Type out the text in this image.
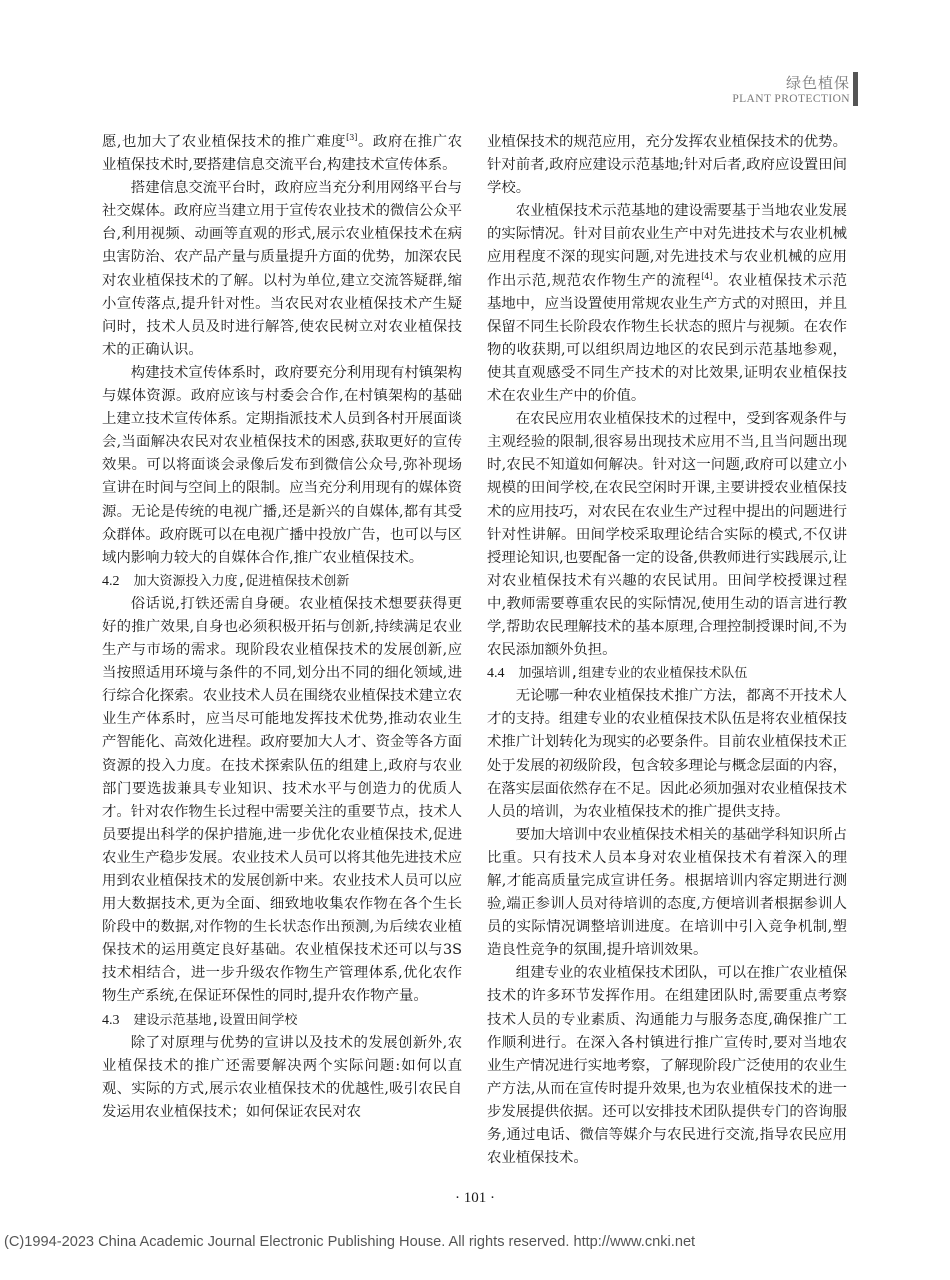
绿色植保
PLANT PROTECTION

愿,也加大了农业植保技术的推广难度[3]。政府在推广农业植保技术时,要搭建信息交流平台,构建技术宣传体系。

搭建信息交流平台时，政府应当充分利用网络平台与社交媒体。政府应当建立用于宣传农业技术的微信公众平台,利用视频、动画等直观的形式,展示农业植保技术在病虫害防治、农产品产量与质量提升方面的优势，加深农民对农业植保技术的了解。以村为单位,建立交流答疑群,缩小宣传落点,提升针对性。当农民对农业植保技术产生疑问时，技术人员及时进行解答,使农民树立对农业植保技术的正确认识。

构建技术宣传体系时，政府要充分利用现有村镇架构与媒体资源。政府应该与村委会合作,在村镇架构的基础上建立技术宣传体系。定期指派技术人员到各村开展面谈会,当面解决农民对农业植保技术的困惑,获取更好的宣传效果。可以将面谈会录像后发布到微信公众号,弥补现场宣讲在时间与空间上的限制。应当充分利用现有的媒体资源。无论是传统的电视广播,还是新兴的自媒体,都有其受众群体。政府既可以在电视广播中投放广告，也可以与区域内影响力较大的自媒体合作,推广农业植保技术。

4.2 加大资源投入力度,促进植保技术创新

俗话说,打铁还需自身硬。农业植保技术想要获得更好的推广效果,自身也必须积极开拓与创新,持续满足农业生产与市场的需求。现阶段农业植保技术的发展创新,应当按照适用环境与条件的不同,划分出不同的细化领域,进行综合化探索。农业技术人员在围绕农业植保技术建立农业生产体系时，应当尽可能地发挥技术优势,推动农业生产智能化、高效化进程。政府要加大人才、资金等各方面资源的投入力度。在技术探索队伍的组建上,政府与农业部门要选拔兼具专业知识、技术水平与创造力的优质人才。针对农作物生长过程中需要关注的重要节点，技术人员要提出科学的保护措施,进一步优化农业植保技术,促进农业生产稳步发展。农业技术人员可以将其他先进技术应用到农业植保技术的发展创新中来。农业技术人员可以应用大数据技术,更为全面、细致地收集农作物在各个生长阶段中的数据,对作物的生长状态作出预测,为后续农业植保技术的运用奠定良好基础。农业植保技术还可以与3S技术相结合，进一步升级农作物生产管理体系,优化农作物生产系统,在保证环保性的同时,提升农作物产量。

4.3 建设示范基地,设置田间学校

除了对原理与优势的宣讲以及技术的发展创新外,农业植保技术的推广还需要解决两个实际问题:如何以直观、实际的方式,展示农业植保技术的优越性,吸引农民自发运用农业植保技术；如何保证农民对农

业植保技术的规范应用，充分发挥农业植保技术的优势。针对前者,政府应建设示范基地;针对后者,政府应设置田间学校。

农业植保技术示范基地的建设需要基于当地农业发展的实际情况。针对目前农业生产中对先进技术与农业机械应用程度不深的现实问题,对先进技术与农业机械的应用作出示范,规范农作物生产的流程[4]。农业植保技术示范基地中，应当设置使用常规农业生产方式的对照田，并且保留不同生长阶段农作物生长状态的照片与视频。在农作物的收获期,可以组织周边地区的农民到示范基地参观，使其直观感受不同生产技术的对比效果,证明农业植保技术在农业生产中的价值。

在农民应用农业植保技术的过程中，受到客观条件与主观经验的限制,很容易出现技术应用不当,且当问题出现时,农民不知道如何解决。针对这一问题,政府可以建立小规模的田间学校,在农民空闲时开课,主要讲授农业植保技术的应用技巧，对农民在农业生产过程中提出的问题进行针对性讲解。田间学校采取理论结合实际的模式,不仅讲授理论知识,也要配备一定的设备,供教师进行实践展示,让对农业植保技术有兴趣的农民试用。田间学校授课过程中,教师需要尊重农民的实际情况,使用生动的语言进行教学,帮助农民理解技术的基本原理,合理控制授课时间,不为农民添加额外负担。

4.4 加强培训,组建专业的农业植保技术队伍

无论哪一种农业植保技术推广方法，都离不开技术人才的支持。组建专业的农业植保技术队伍是将农业植保技术推广计划转化为现实的必要条件。目前农业植保技术正处于发展的初级阶段，包含较多理论与概念层面的内容，在落实层面依然存在不足。因此必须加强对农业植保技术人员的培训，为农业植保技术的推广提供支持。

要加大培训中农业植保技术相关的基础学科知识所占比重。只有技术人员本身对农业植保技术有着深入的理解,才能高质量完成宣讲任务。根据培训内容定期进行测验,端正参训人员对待培训的态度,方便培训者根据参训人员的实际情况调整培训进度。在培训中引入竞争机制,塑造良性竞争的氛围,提升培训效果。

组建专业的农业植保技术团队，可以在推广农业植保技术的许多环节发挥作用。在组建团队时,需要重点考察技术人员的专业素质、沟通能力与服务态度,确保推广工作顺利进行。在深入各村镇进行推广宣传时,要对当地农业生产情况进行实地考察，了解现阶段广泛使用的农业生产方法,从而在宣传时提升效果,也为农业植保技术的进一步发展提供依据。还可以安排技术团队提供专门的咨询服务,通过电话、微信等媒介与农民进行交流,指导农民应用农业植保技术。

· 101 ·
(C)1994-2023 China Academic Journal Electronic Publishing House. All rights reserved. http://www.cnki.net
